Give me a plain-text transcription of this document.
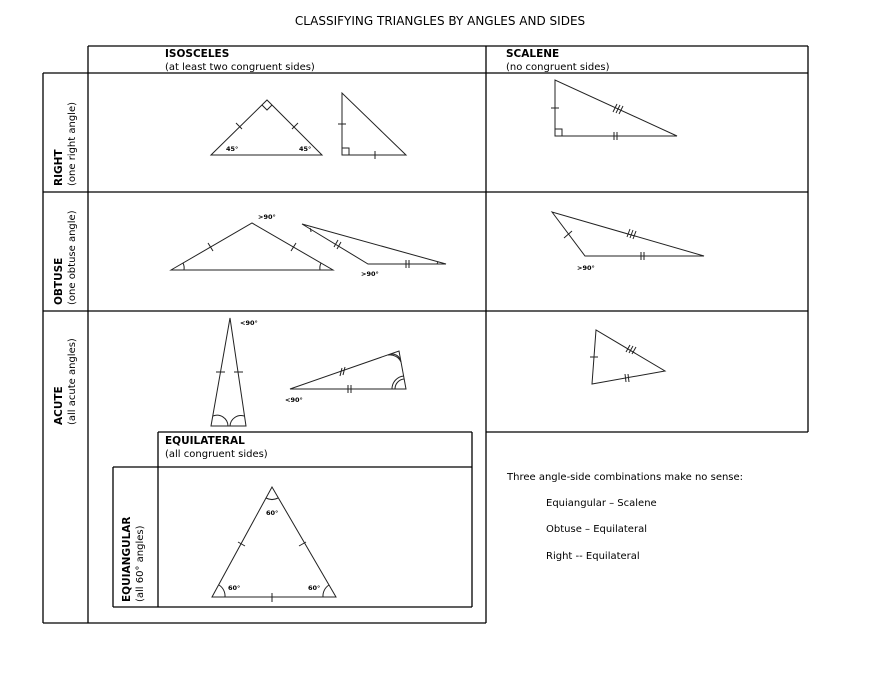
CLASSIFYING TRIANGLES BY ANGLES AND SIDES
ISOSCELES
(at least two congruent sides)
SCALENE
(no congruent sides)
RIGHT (one right angle)
OBTUSE (one obtuse angle)
ACUTE (all acute angles)
EQUIANGULAR (all 60° angles)
EQUILATERAL
(all congruent sides)
45°	45°
>90°
>90°
<90°
<90°
>90°
60°
60°	60°
Three angle-side combinations make no sense:
Equiangular – Scalene
Obtuse – Equilateral
Right -- Equilateral
